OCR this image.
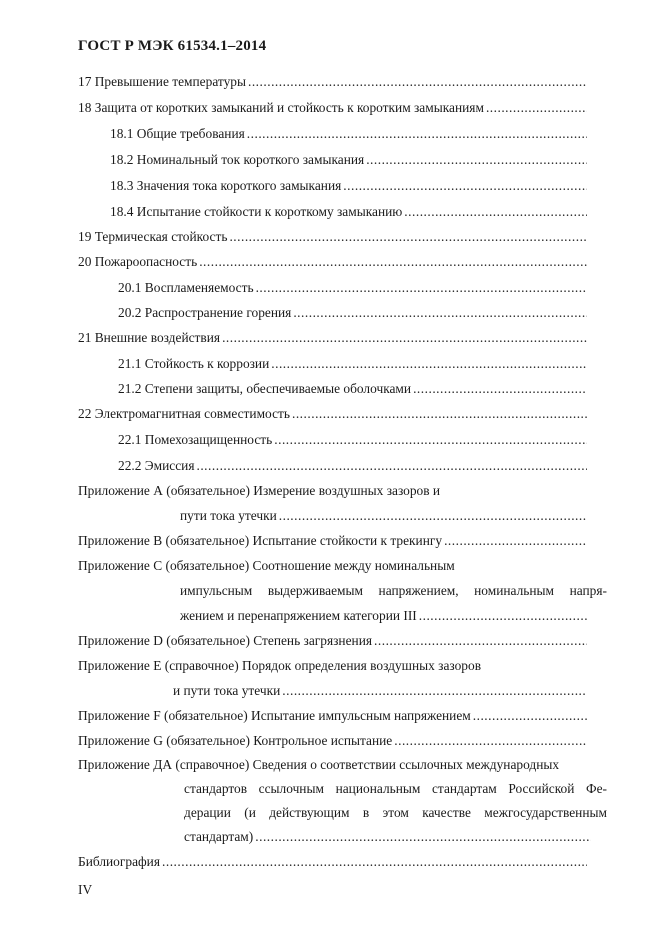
ГОСТ Р МЭК 61534.1–2014
17 Превышение температуры
.....
18 Защита от коротких замыканий и стойкость к коротким замыканиям
.....
18.1 Общие требования
.....
18.2 Номинальный ток короткого замыкания
.....
18.3 Значения тока короткого замыкания
.....
18.4 Испытание стойкости к короткому замыканию
.....
19 Термическая стойкость
.....
20 Пожароопасность
.....
20.1 Воспламеняемость
.....
20.2 Распространение горения
.....
21 Внешние воздействия
.....
21.1 Стойкость к коррозии
.....
21.2 Степени защиты, обеспечиваемые оболочками
.....
22 Электромагнитная совместимость
.....
22.1 Помехозащищенность
.....
22.2 Эмиссия
.....
Приложение А (обязательное) Измерение воздушных зазоров и
пути тока утечки
.....
Приложение В (обязательное) Испытание стойкости к трекингу
.....
Приложение С (обязательное) Соотношение между номинальным
импульсным выдерживаемым напряжением, номинальным напря-
жением и перенапряжением категории III
.....
Приложение D (обязательное) Степень загрязнения
.....
Приложение Е (справочное) Порядок определения воздушных зазоров
и пути тока утечки
.....
Приложение F (обязательное) Испытание импульсным напряжением
.....
Приложение G (обязательное) Контрольное испытание
.....
Приложение ДА (справочное) Сведения о соответствии ссылочных международных
стандартов ссылочным национальным стандартам Российской Фе-
дерации (и действующим в этом качестве межгосударственным
стандартам)
.....
Библиография
.....
IV
